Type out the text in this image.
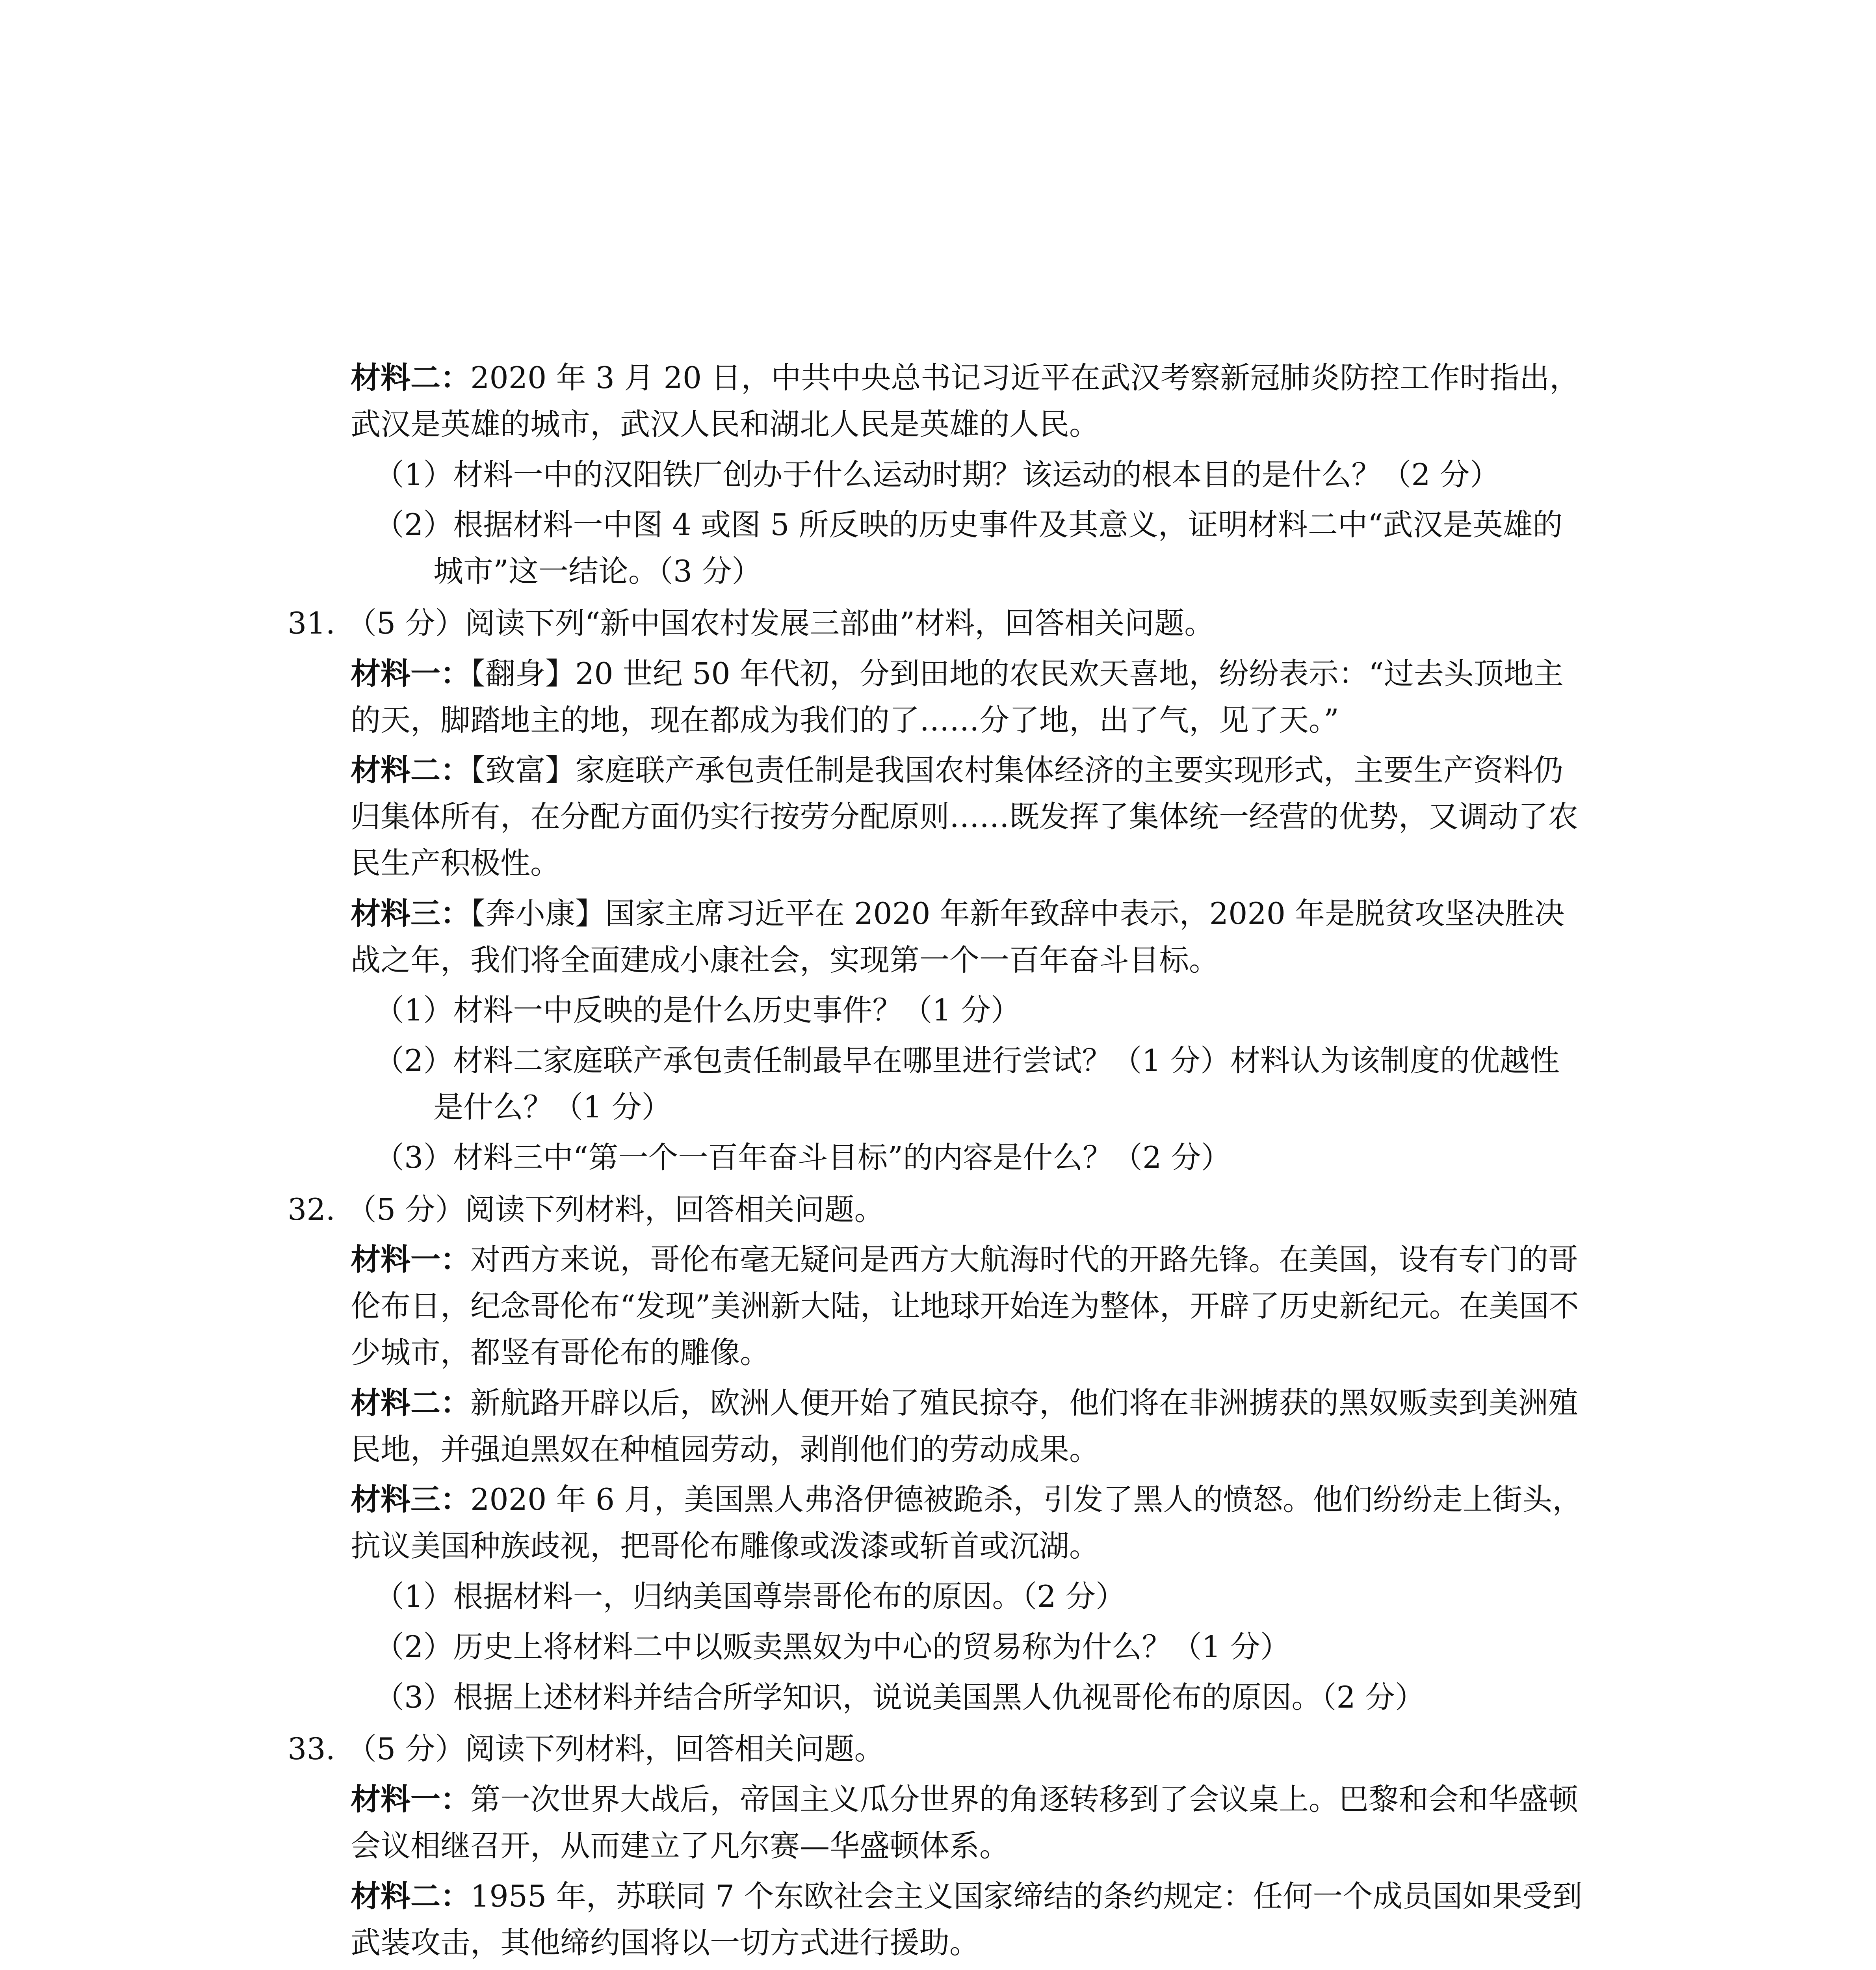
材料二：2020 年 3 月 20 日，中共中央总书记习近平在武汉考察新冠肺炎防控工作时指出，武汉是英雄的城市，武汉人民和湖北人民是英雄的人民。

（1）材料一中的汉阳铁厂创办于什么运动时期？该运动的根本目的是什么？（2 分）

（2）根据材料一中图 4 或图 5 所反映的历史事件及其意义，证明材料二中“武汉是英雄的城市”这一结论。（3 分）

31. （5 分）阅读下列“新中国农村发展三部曲”材料，回答相关问题。

材料一：【翻身】20 世纪 50 年代初，分到田地的农民欢天喜地，纷纷表示：“过去头顶地主的天，脚踏地主的地，现在都成为我们的了……分了地，出了气，见了天。”

材料二：【致富】家庭联产承包责任制是我国农村集体经济的主要实现形式，主要生产资料仍归集体所有，在分配方面仍实行按劳分配原则……既发挥了集体统一经营的优势，又调动了农民生产积极性。

材料三：【奔小康】国家主席习近平在 2020 年新年致辞中表示，2020 年是脱贫攻坚决胜决战之年，我们将全面建成小康社会，实现第一个一百年奋斗目标。

（1）材料一中反映的是什么历史事件？（1 分）

（2）材料二家庭联产承包责任制最早在哪里进行尝试？（1 分）材料认为该制度的优越性是什么？（1 分）

（3）材料三中“第一个一百年奋斗目标”的内容是什么？（2 分）

32. （5 分）阅读下列材料，回答相关问题。

材料一：对西方来说，哥伦布毫无疑问是西方大航海时代的开路先锋。在美国，设有专门的哥伦布日，纪念哥伦布“发现”美洲新大陆，让地球开始连为整体，开辟了历史新纪元。在美国不少城市，都竖有哥伦布的雕像。

材料二：新航路开辟以后，欧洲人便开始了殖民掠夺，他们将在非洲掳获的黑奴贩卖到美洲殖民地，并强迫黑奴在种植园劳动，剥削他们的劳动成果。

材料三：2020 年 6 月，美国黑人弗洛伊德被跪杀，引发了黑人的愤怒。他们纷纷走上街头，抗议美国种族歧视，把哥伦布雕像或泼漆或斩首或沉湖。

（1）根据材料一，归纳美国尊崇哥伦布的原因。（2 分）

（2）历史上将材料二中以贩卖黑奴为中心的贸易称为什么？（1 分）

（3）根据上述材料并结合所学知识，说说美国黑人仇视哥伦布的原因。（2 分）

33. （5 分）阅读下列材料，回答相关问题。

材料一：第一次世界大战后，帝国主义瓜分世界的角逐转移到了会议桌上。巴黎和会和华盛顿会议相继召开，从而建立了凡尔赛—华盛顿体系。

材料二：1955 年，苏联同 7 个东欧社会主义国家缔结的条约规定：任何一个成员国如果受到武装攻击，其他缔约国将以一切方式进行援助。
